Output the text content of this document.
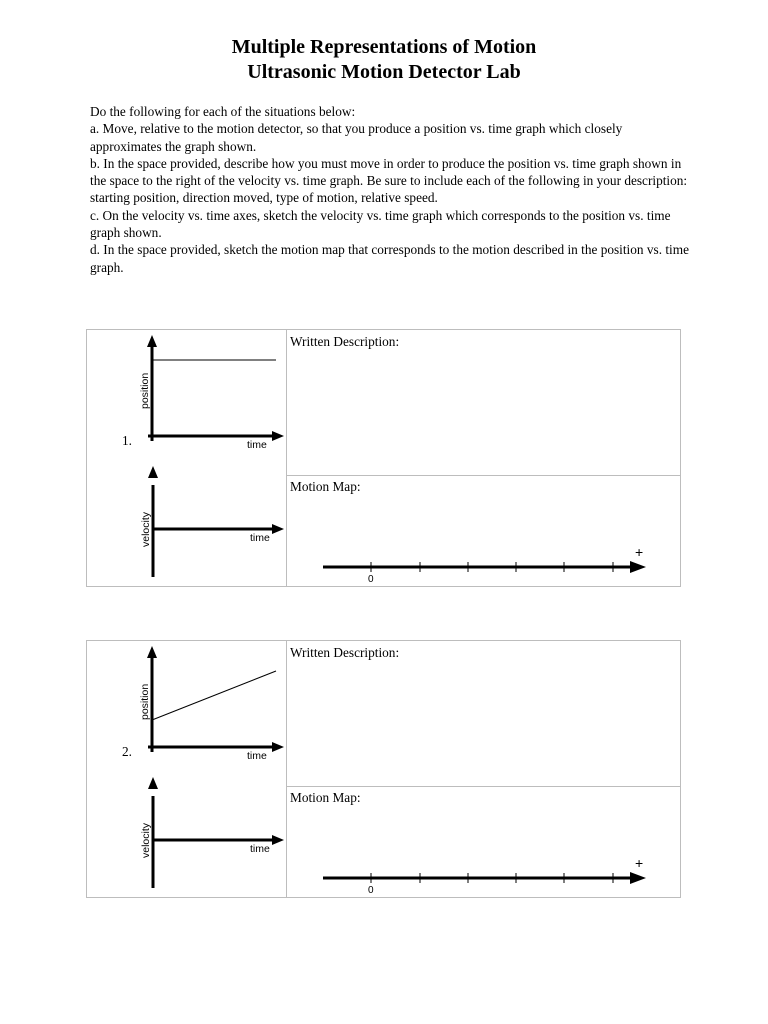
Multiple Representations of Motion
Ultrasonic Motion Detector Lab

Do the following for each of the situations below:

a. Move, relative to the motion detector, so that you produce a position vs. time graph which closely approximates the graph shown.

b. In the space provided, describe how you must move in order to produce the position vs. time graph shown in the space to the right of the velocity vs. time graph. Be sure to include each of the following in your description: starting position, direction moved, type of motion, relative speed.

c. On the velocity vs. time axes, sketch the velocity vs. time graph which corresponds to the position vs. time graph shown.

d. In the space provided, sketch the motion map that corresponds to the motion described in the position vs. time graph.

Written Description:
Motion Map:
1.
position
time
velocity	time
0
+
Written Description:
Motion Map:
2.
position
time
velocity	time
0
+
